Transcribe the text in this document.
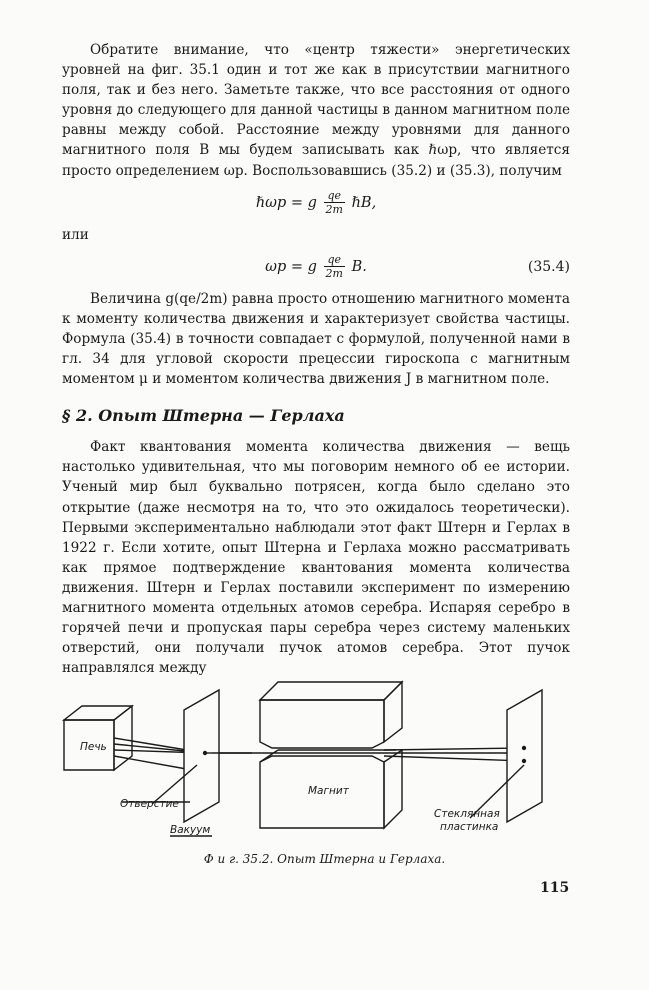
Обратите внимание, что «центр тяжести» энергетических уровней на фиг. 35.1 один и тот же как в присутствии магнитного поля, так и без него. Заметьте также, что все расстояния от одного уровня до следующего для данной частицы в данном магнитном поле равны между собой. Расстояние между уровнями для данного магнитного поля B мы будем записывать как ℏωp, что является просто определением ωp. Воспользовавшись (35.2) и (35.3), получим

ℏωp = g $\frac{qe}{2m}$ ℏB,

или

ωp = g $\frac{qe}{2m} B$.	(35.4)

Величина g(qe/2m) равна просто отношению магнитного момента к моменту количества движения и характеризует свойства частицы. Формула (35.4) в точности совпадает с формулой, полученной нами в гл. 34 для угловой скорости прецессии гироскопа с магнитным моментом μ и моментом количества движения J в магнитном поле.

§ 2. Опыт Штерна — Герлаха

Факт квантования момента количества движения — вещь настолько удивительная, что мы поговорим немного об ее истории. Ученый мир был буквально потрясен, когда было сделано это открытие (даже несмотря на то, что это ожидалось теоретически). Первыми экспериментально наблюдали этот факт Штерн и Герлах в 1922 г. Если хотите, опыт Штерна и Герлаха можно рассматривать как прямое подтверждение квантования момента количества движения. Штерн и Герлах поставили эксперимент по измерению магнитного момента отдельных атомов серебра. Испаряя серебро в горячей печи и пропуская пары серебра через систему маленьких отверстий, они получали пучок атомов серебра. Этот пучок направлялся между

Печь
Отверстие
Вакуум
Магнит
Стеклянная
пластинка
Ф и г. 35.2. Опыт Штерна и Герлаха.
115
